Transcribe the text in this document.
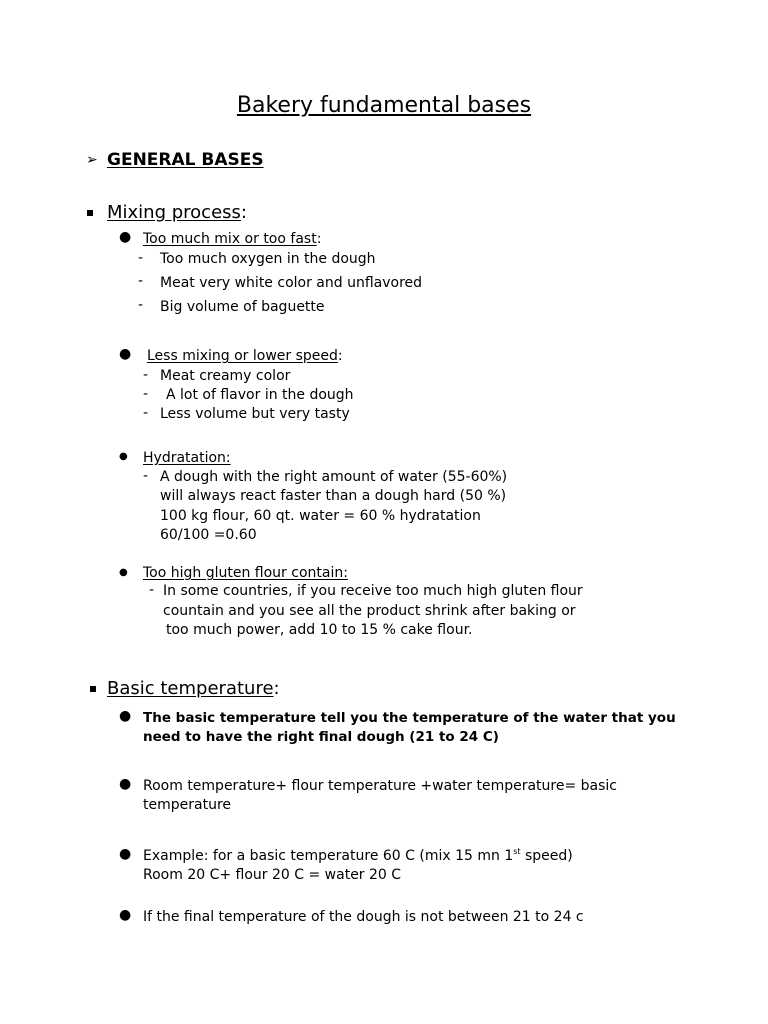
Bakery fundamental bases
➢ GENERAL BASES
Mixing process:
● Too much mix or too fast:
- Too much oxygen in the dough
- Meat very white color and unflavored
- Big volume of baguette
● Less mixing or lower speed:
- Meat creamy color
- A lot of flavor in the dough
- Less volume but very tasty
● Hydratation:
- A dough with the right amount of water (55-60%)
will always react faster than a dough hard (50 %)
100 kg flour, 60 qt. water = 60 % hydratation
60/100 =0.60
● Too high gluten flour contain:
- In some countries, if you receive too much high gluten flour
countain and you see all the product shrink after baking or
too much power, add 10 to 15 % cake flour.
Basic temperature:
● The basic temperature tell you the temperature of the water that you
need to have the right final dough (21 to 24 C)
● Room temperature+ flour temperature +water temperature= basic
temperature
● Example: for a basic temperature 60 C (mix 15 mn 1st speed)
Room 20 C+ flour 20 C = water 20 C
● If the final temperature of the dough is not between 21 to 24 c
